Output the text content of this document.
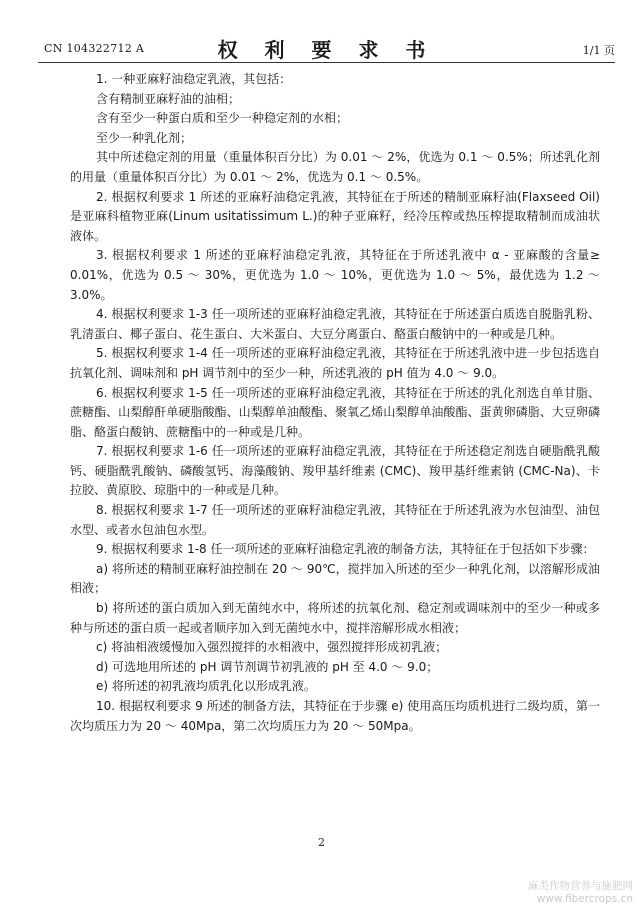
CN 104322712 A	权 利 要 求 书	1/1 页

1. 一种亚麻籽油稳定乳液，其包括：

含有精制亚麻籽油的油相；

含有至少一种蛋白质和至少一种稳定剂的水相；

至少一种乳化剂；

其中所述稳定剂的用量（重量体积百分比）为 0.01 ～ 2%，优选为 0.1 ～ 0.5%；所述乳化剂的用量（重量体积百分比）为 0.01 ～ 2%，优选为 0.1 ～ 0.5%。

2. 根据权利要求 1 所述的亚麻籽油稳定乳液，其特征在于所述的精制亚麻籽油(Flaxseed Oil)是亚麻科植物亚麻(Linum usitatissimum L.)的种子亚麻籽，经冷压榨或热压榨提取精制而成油状液体。

3. 根据权利要求 1 所述的亚麻籽油稳定乳液，其特征在于所述乳液中 α - 亚麻酸的含量≥ 0.01%，优选为 0.5 ～ 30%，更优选为 1.0 ～ 10%，更优选为 1.0 ～ 5%，最优选为 1.2 ～ 3.0%。

4. 根据权利要求 1-3 任一项所述的亚麻籽油稳定乳液，其特征在于所述蛋白质选自脱脂乳粉、乳清蛋白、椰子蛋白、花生蛋白、大米蛋白、大豆分离蛋白、酪蛋白酸钠中的一种或是几种。

5. 根据权利要求 1-4 任一项所述的亚麻籽油稳定乳液，其特征在于所述乳液中进一步包括选自抗氧化剂、调味剂和 pH 调节剂中的至少一种，所述乳液的 pH 值为 4.0 ～ 9.0。

6. 根据权利要求 1-5 任一项所述的亚麻籽油稳定乳液，其特征在于所述的乳化剂选自单甘脂、蔗糖酯、山梨醇酐单硬脂酸酯、山梨醇单油酸酯、聚氧乙烯山梨醇单油酸酯、蛋黄卵磷脂、大豆卵磷脂、酪蛋白酸钠、蔗糖酯中的一种或是几种。

7. 根据权利要求 1-6 任一项所述的亚麻籽油稳定乳液，其特征在于所述稳定剂选自硬脂酰乳酸钙、硬脂酰乳酸钠、磷酸氢钙、海藻酸钠、羧甲基纤维素 (CMC)、羧甲基纤维素钠 (CMC-Na)、卡拉胶、黄原胶、琼脂中的一种或是几种。

8. 根据权利要求 1-7 任一项所述的亚麻籽油稳定乳液，其特征在于所述乳液为水包油型、油包水型、或者水包油包水型。

9. 根据权利要求 1-8 任一项所述的亚麻籽油稳定乳液的制备方法，其特征在于包括如下步骤：

a) 将所述的精制亚麻籽油控制在 20 ～ 90℃，搅拌加入所述的至少一种乳化剂，以溶解形成油相液；

b) 将所述的蛋白质加入到无菌纯水中，将所述的抗氧化剂、稳定剂或调味剂中的至少一种或多种与所述的蛋白质一起或者顺序加入到无菌纯水中，搅拌溶解形成水相液；

c) 将油相液缓慢加入强烈搅拌的水相液中，强烈搅拌形成初乳液；

d) 可选地用所述的 pH 调节剂调节初乳液的 pH 至 4.0 ～ 9.0；

e) 将所述的初乳液均质乳化以形成乳液。

10. 根据权利要求 9 所述的制备方法，其特征在于步骤 e) 使用高压均质机进行二级均质，第一次均质压力为 20 ～ 40Mpa，第二次均质压力为 20 ～ 50Mpa。

2
麻类作物营养与施肥网
www.fibercrops.cn
